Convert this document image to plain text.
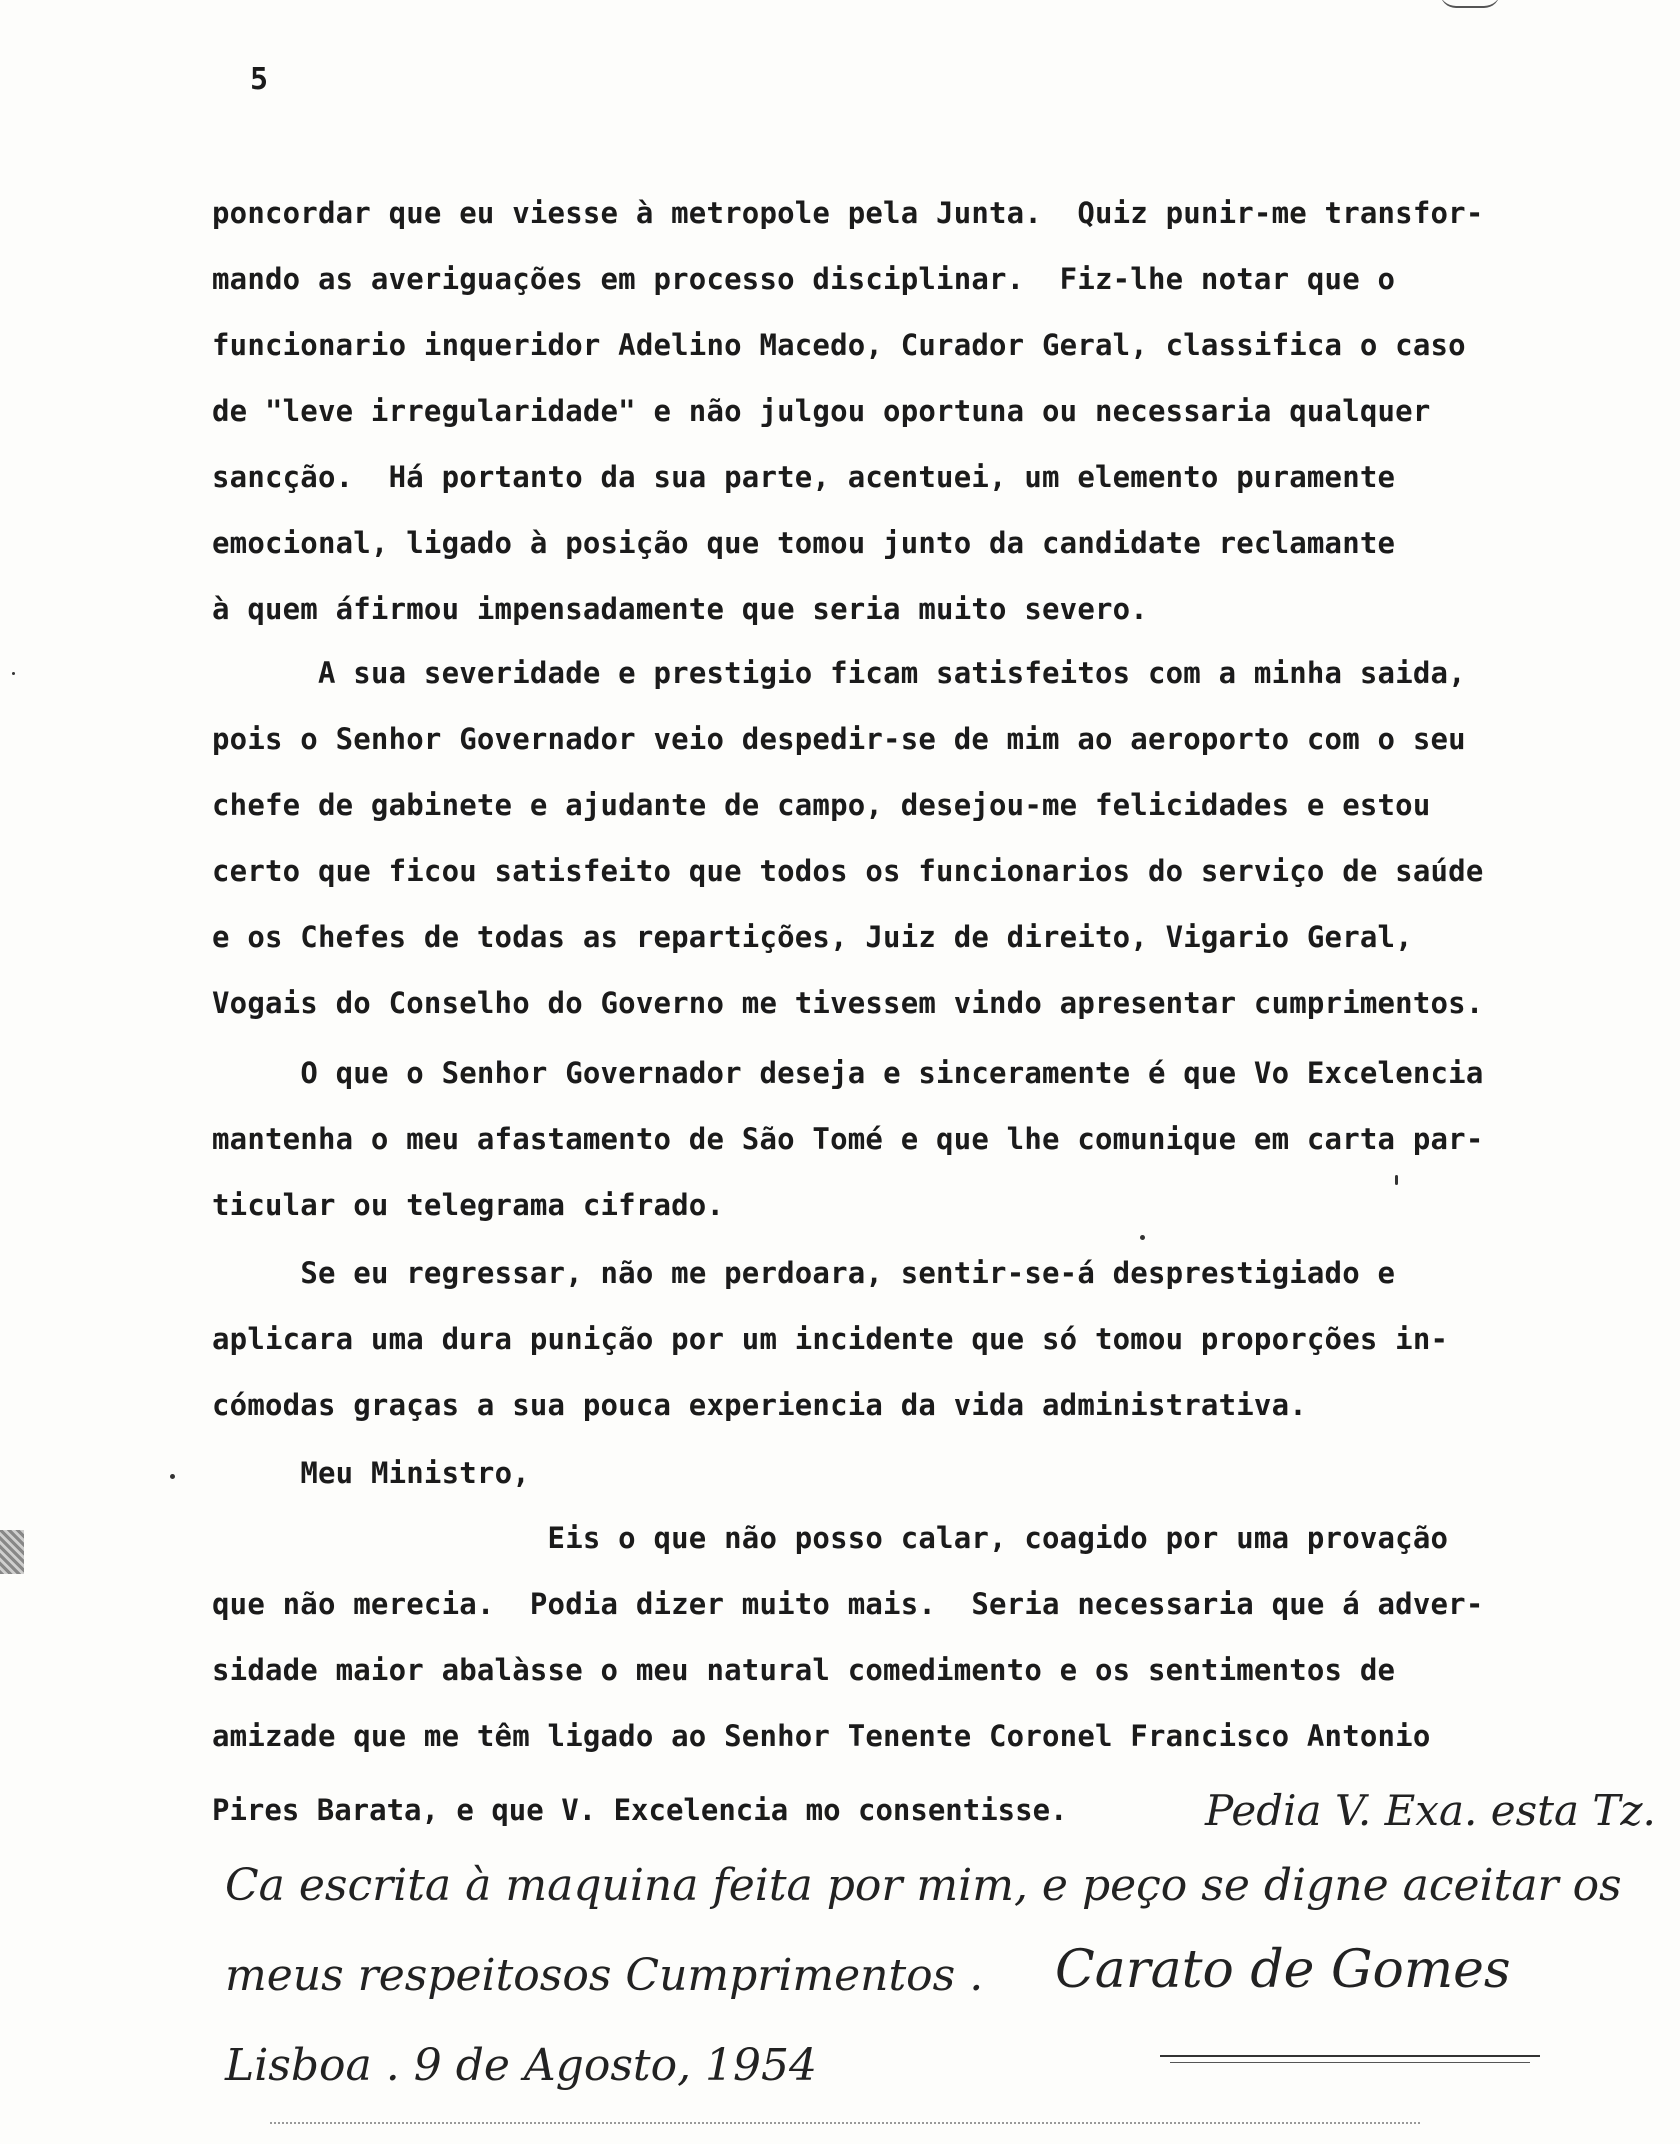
5

poncordar que eu viesse à metropole pela Junta.  Quiz punir-me transfor-
mando as averiguações em processo disciplinar.  Fiz-lhe notar que o
funcionario inqueridor Adelino Macedo, Curador Geral, classifica o caso
de "leve irregularidade" e não julgou oportuna ou necessaria qualquer
sancção.  Há portanto da sua parte, acentuei, um elemento puramente
emocional, ligado à posição que tomou junto da candidate reclamante
à quem áfirmou impensadamente que seria muito severo.

A sua severidade e prestigio ficam satisfeitos com a minha saida,
pois o Senhor Governador veio despedir-se de mim ao aeroporto com o seu
chefe de gabinete e ajudante de campo, desejou-me felicidades e estou
certo que ficou satisfeito que todos os funcionarios do serviço de saúde
e os Chefes de todas as repartições, Juiz de direito, Vigario Geral,
Vogais do Conselho do Governo me tivessem vindo apresentar cumprimentos.

O que o Senhor Governador deseja e sinceramente é que Vo Excelencia
mantenha o meu afastamento de São Tomé e que lhe comunique em carta par-
ticular ou telegrama cifrado.

Se eu regressar, não me perdoara, sentir-se-á desprestigiado e
aplicara uma dura punição por um incidente que só tomou proporções in-
cómodas graças a sua pouca experiencia da vida administrativa.

Meu Ministro,

Eis o que não posso calar, coagido por uma provação
que não merecia.  Podia dizer muito mais.  Seria necessaria que á adver-
sidade maior abalàsse o meu natural comedimento e os sentimentos de
amizade que me têm ligado ao Senhor Tenente Coronel Francisco Antonio

Pires Barata, e que V. Excelencia mo consentisse.	Pedia V. Exa. esta Tz.
Ca escrita à maquina feita por mim, e peço se digne aceitar os
meus respeitosos Cumprimentos .
Lisboa . 9 de Agosto, 1954
Carato de Gomes
